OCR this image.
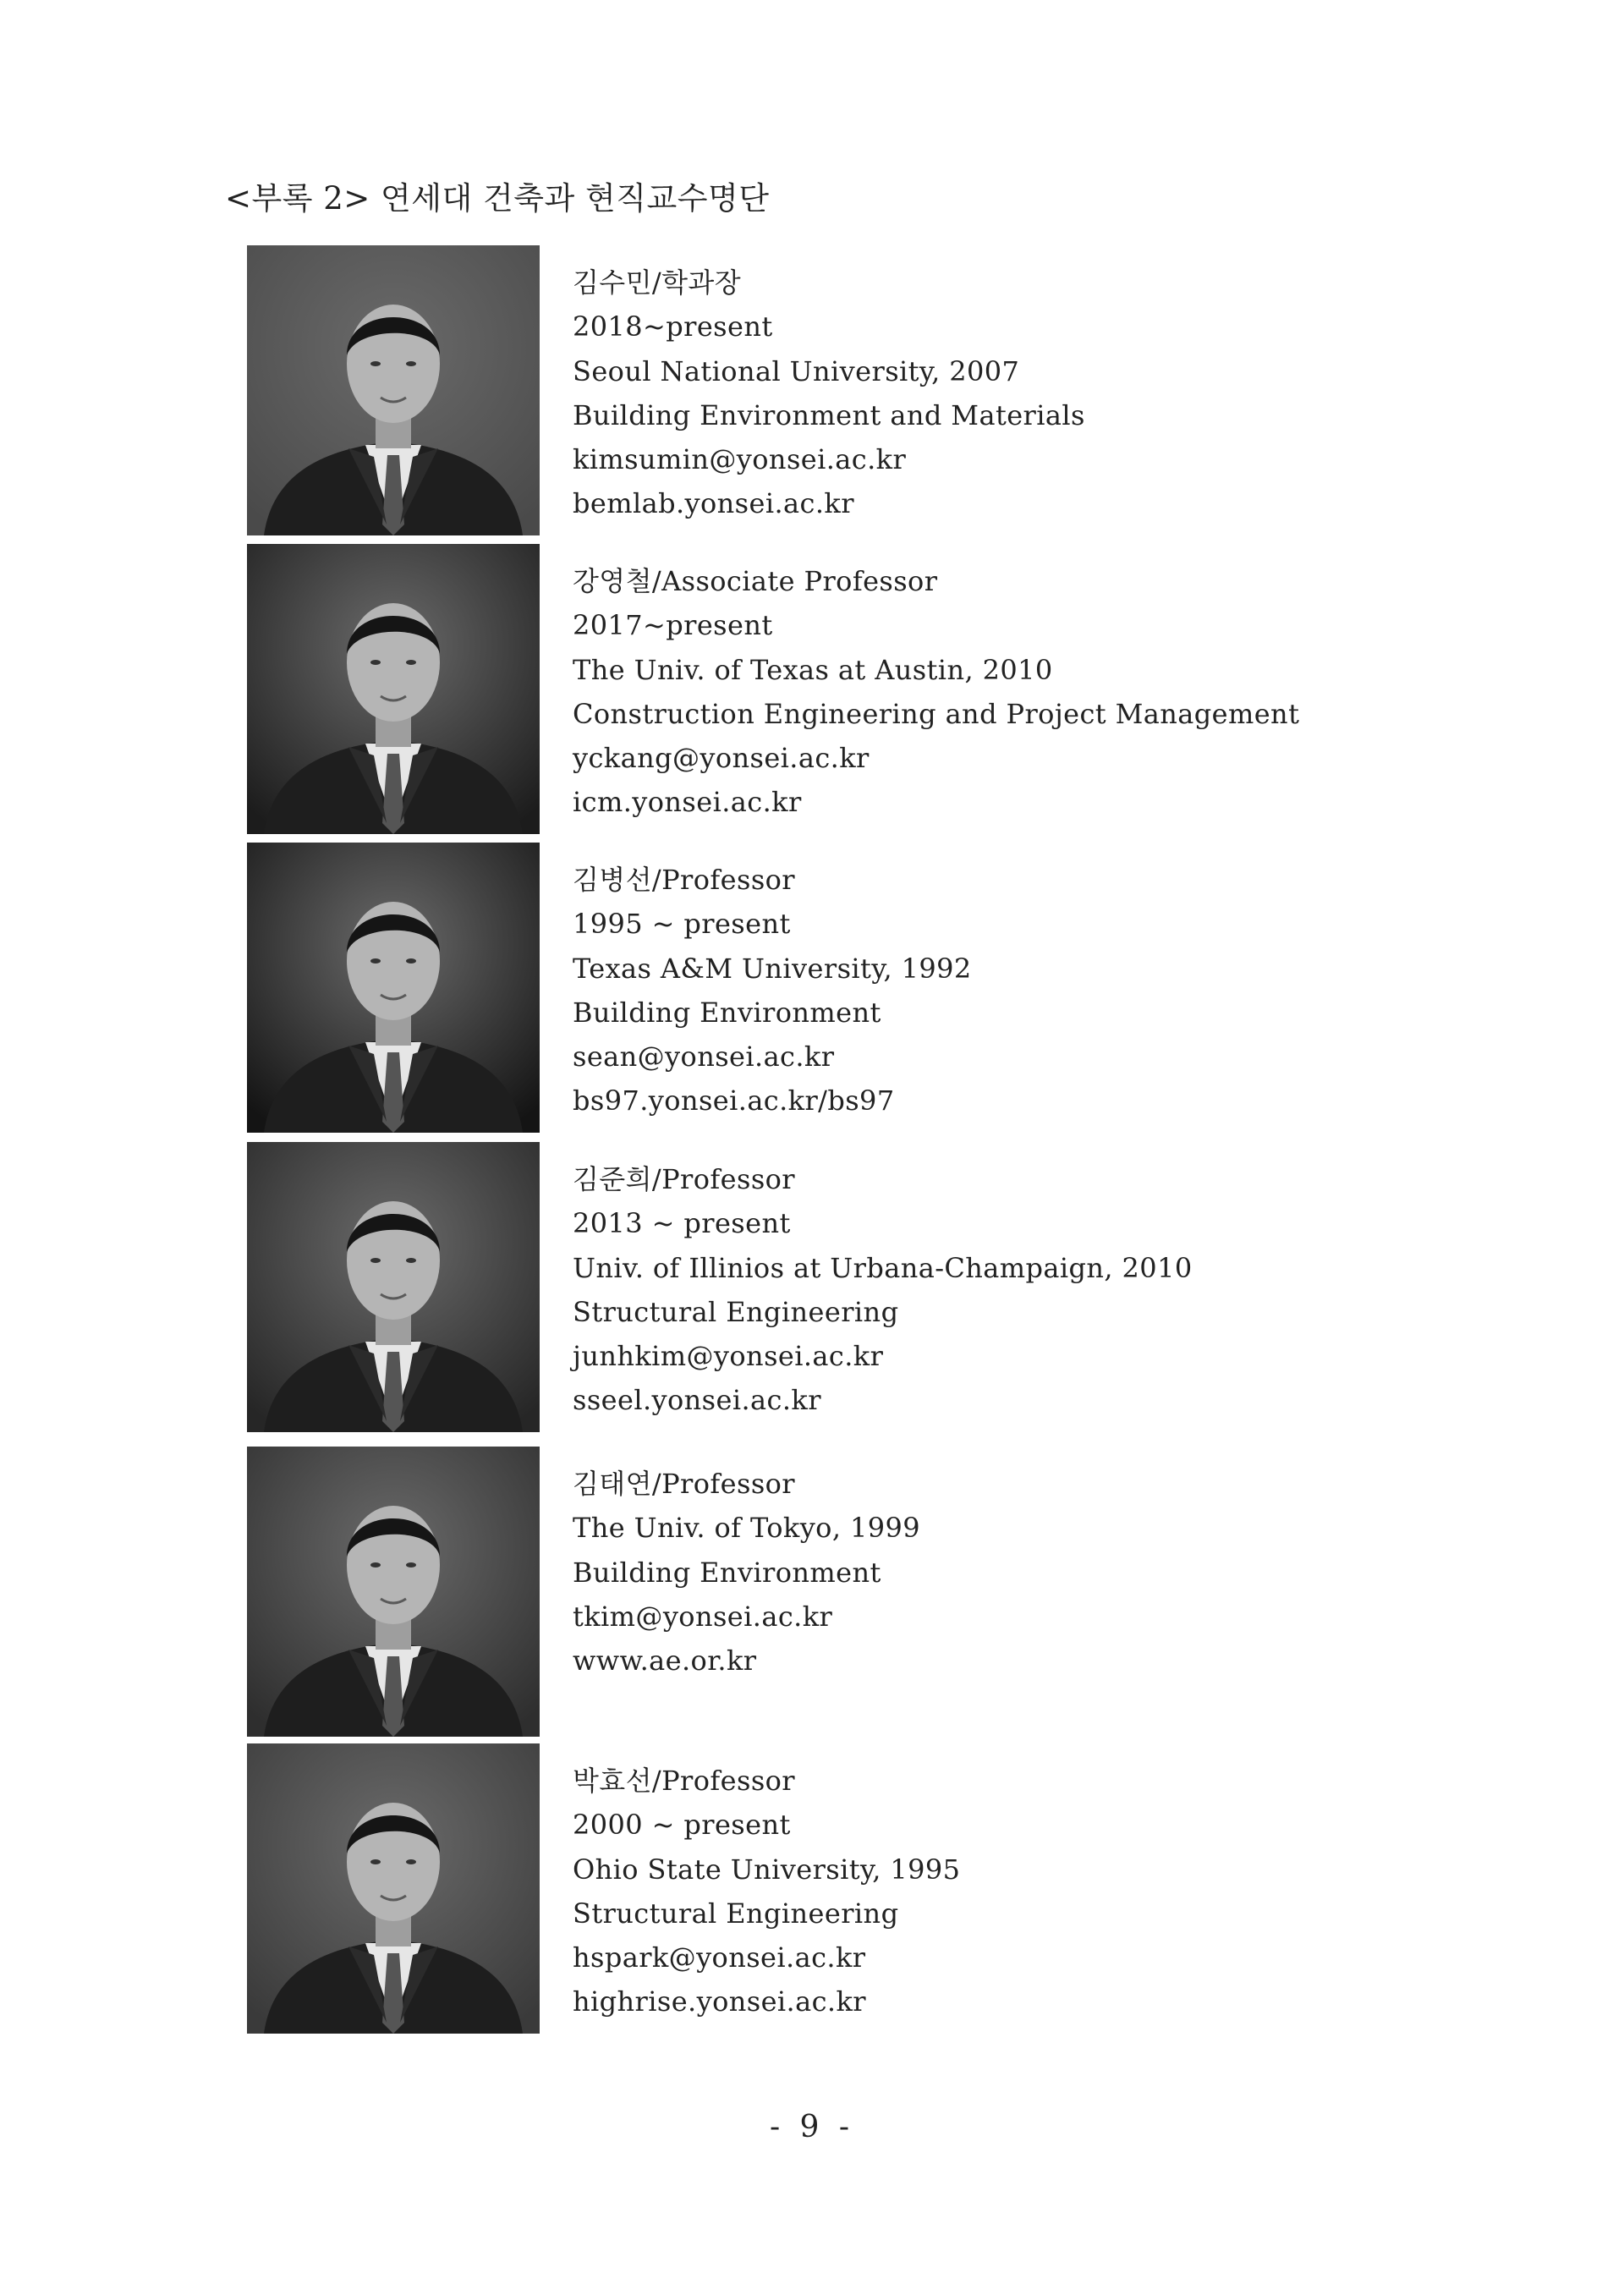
<부록 2> 연세대 건축과 현직교수명단
김수민/학과장
2018~present
Seoul National University, 2007
Building Environment and Materials
kimsumin@yonsei.ac.kr
bemlab.yonsei.ac.kr
강영철/Associate Professor
2017~present
The Univ. of Texas at Austin, 2010
Construction Engineering and Project Management
yckang@yonsei.ac.kr
icm.yonsei.ac.kr
김병선/Professor
1995 ~ present
Texas A&M University, 1992
Building Environment
sean@yonsei.ac.kr
bs97.yonsei.ac.kr/bs97
김준희/Professor
2013 ~ present
Univ. of Illinios at Urbana-Champaign, 2010
Structural Engineering
junhkim@yonsei.ac.kr
sseel.yonsei.ac.kr
김태연/Professor
The Univ. of Tokyo, 1999
Building Environment
tkim@yonsei.ac.kr
www.ae.or.kr
박효선/Professor
2000 ~ present
Ohio State University, 1995
Structural Engineering
hspark@yonsei.ac.kr
highrise.yonsei.ac.kr
- 9 -
